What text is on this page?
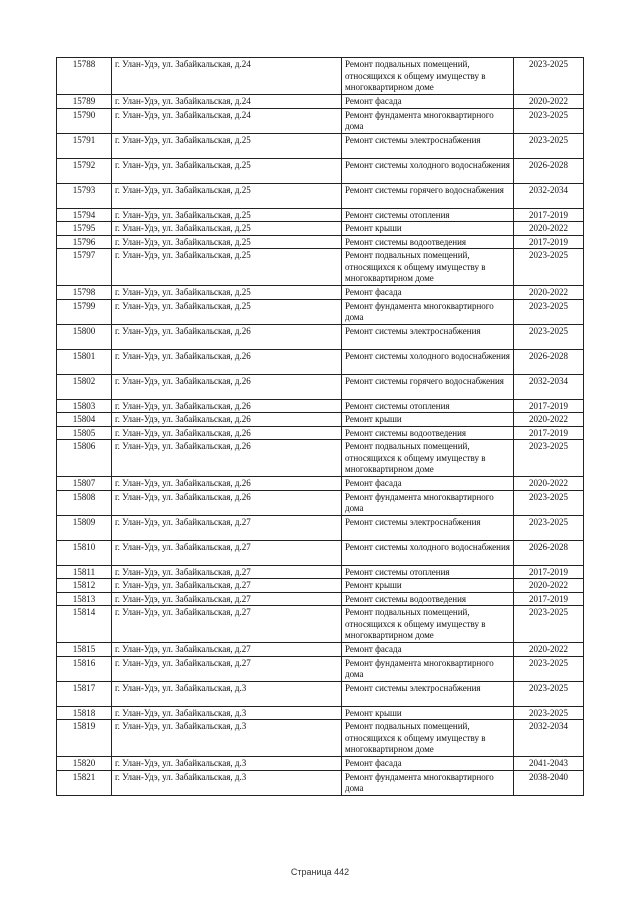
15788	г. Улан-Удэ, ул. Забайкальская, д.24	Ремонт подвальных помещений, относящихся к общему имуществу в многоквартирном доме	2023-2025
15789	г. Улан-Удэ, ул. Забайкальская, д.24	Ремонт фасада	2020-2022
15790	г. Улан-Удэ, ул. Забайкальская, д.24	Ремонт фундамента многоквартирного дома	2023-2025
15791	г. Улан-Удэ, ул. Забайкальская, д.25	Ремонт системы электроснабжения	2023-2025
15792	г. Улан-Удэ, ул. Забайкальская, д.25	Ремонт системы холодного водоснабжения	2026-2028
15793	г. Улан-Удэ, ул. Забайкальская, д.25	Ремонт системы горячего водоснабжения	2032-2034
15794	г. Улан-Удэ, ул. Забайкальская, д.25	Ремонт системы отопления	2017-2019
15795	г. Улан-Удэ, ул. Забайкальская, д.25	Ремонт крыши	2020-2022
15796	г. Улан-Удэ, ул. Забайкальская, д.25	Ремонт системы водоотведения	2017-2019
15797	г. Улан-Удэ, ул. Забайкальская, д.25	Ремонт подвальных помещений, относящихся к общему имуществу в многоквартирном доме	2023-2025
15798	г. Улан-Удэ, ул. Забайкальская, д.25	Ремонт фасада	2020-2022
15799	г. Улан-Удэ, ул. Забайкальская, д.25	Ремонт фундамента многоквартирного дома	2023-2025
15800	г. Улан-Удэ, ул. Забайкальская, д.26	Ремонт системы электроснабжения	2023-2025
15801	г. Улан-Удэ, ул. Забайкальская, д.26	Ремонт системы холодного водоснабжения	2026-2028
15802	г. Улан-Удэ, ул. Забайкальская, д.26	Ремонт системы горячего водоснабжения	2032-2034
15803	г. Улан-Удэ, ул. Забайкальская, д.26	Ремонт системы отопления	2017-2019
15804	г. Улан-Удэ, ул. Забайкальская, д.26	Ремонт крыши	2020-2022
15805	г. Улан-Удэ, ул. Забайкальская, д.26	Ремонт системы водоотведения	2017-2019
15806	г. Улан-Удэ, ул. Забайкальская, д.26	Ремонт подвальных помещений, относящихся к общему имуществу в многоквартирном доме	2023-2025
15807	г. Улан-Удэ, ул. Забайкальская, д.26	Ремонт фасада	2020-2022
15808	г. Улан-Удэ, ул. Забайкальская, д.26	Ремонт фундамента многоквартирного дома	2023-2025
15809	г. Улан-Удэ, ул. Забайкальская, д.27	Ремонт системы электроснабжения	2023-2025
15810	г. Улан-Удэ, ул. Забайкальская, д.27	Ремонт системы холодного водоснабжения	2026-2028
15811	г. Улан-Удэ, ул. Забайкальская, д.27	Ремонт системы отопления	2017-2019
15812	г. Улан-Удэ, ул. Забайкальская, д.27	Ремонт крыши	2020-2022
15813	г. Улан-Удэ, ул. Забайкальская, д.27	Ремонт системы водоотведения	2017-2019
15814	г. Улан-Удэ, ул. Забайкальская, д.27	Ремонт подвальных помещений, относящихся к общему имуществу в многоквартирном доме	2023-2025
15815	г. Улан-Удэ, ул. Забайкальская, д.27	Ремонт фасада	2020-2022
15816	г. Улан-Удэ, ул. Забайкальская, д.27	Ремонт фундамента многоквартирного дома	2023-2025
15817	г. Улан-Удэ, ул. Забайкальская, д.3	Ремонт системы электроснабжения	2023-2025
15818	г. Улан-Удэ, ул. Забайкальская, д.3	Ремонт крыши	2023-2025
15819	г. Улан-Удэ, ул. Забайкальская, д.3	Ремонт подвальных помещений, относящихся к общему имуществу в многоквартирном доме	2032-2034
15820	г. Улан-Удэ, ул. Забайкальская, д.3	Ремонт фасада	2041-2043
15821	г. Улан-Удэ, ул. Забайкальская, д.3	Ремонт фундамента многоквартирного дома	2038-2040
Страница 442
